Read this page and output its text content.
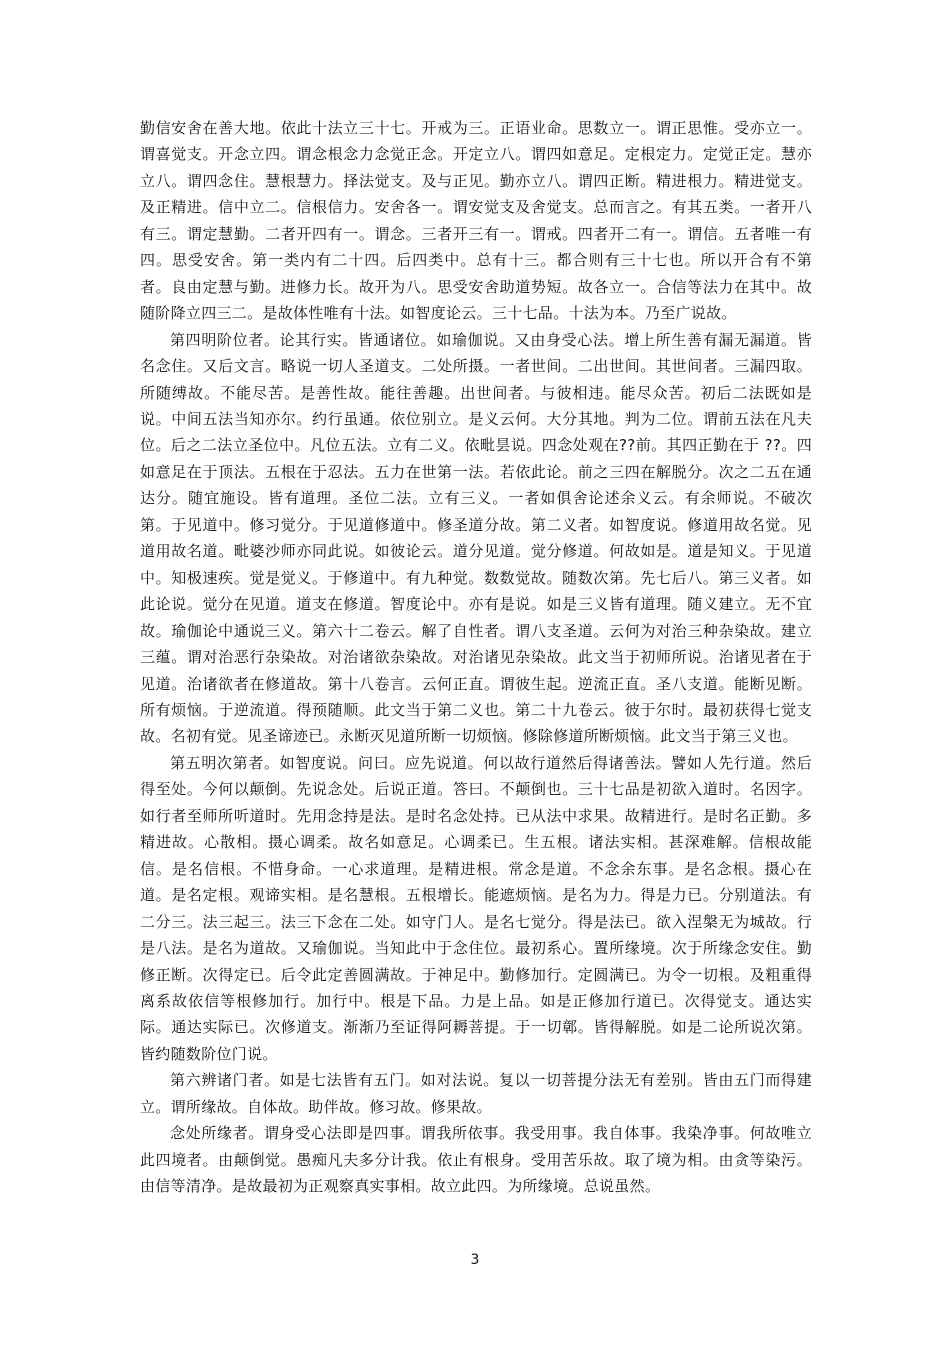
勤信安舍在善大地。依此十法立三十七。开戒为三。正语业命。思数立一。谓正思惟。受亦立一。谓喜觉支。开念立四。谓念根念力念觉正念。开定立八。谓四如意足。定根定力。定觉正定。慧亦立八。谓四念住。慧根慧力。择法觉支。及与正见。勤亦立八。谓四正断。精进根力。精进觉支。及正精进。信中立二。信根信力。安舍各一。谓安觉支及舍觉支。总而言之。有其五类。一者开八有三。谓定慧勤。二者开四有一。谓念。三者开三有一。谓戒。四者开二有一。谓信。五者唯一有四。思受安舍。第一类内有二十四。后四类中。总有十三。都合则有三十七也。所以开合有不第者。良由定慧与勤。进修力长。故开为八。思受安舍助道势短。故各立一。合信等法力在其中。故随阶降立四三二。是故体性唯有十法。如智度论云。三十七品。十法为本。乃至广说故。

第四明阶位者。论其行实。皆通诸位。如瑜伽说。又由身受心法。增上所生善有漏无漏道。皆名念住。又后文言。略说一切人圣道支。二处所摄。一者世间。二出世间。其世间者。三漏四取。所随缚故。不能尽苦。是善性故。能往善趣。出世间者。与彼相违。能尽众苦。初后二法既如是说。中间五法当知亦尔。约行虽通。依位别立。是义云何。大分其地。判为二位。谓前五法在凡夫位。后之二法立圣位中。凡位五法。立有二义。依毗昙说。四念处观在??前。其四正勤在于 ??。四如意足在于顶法。五根在于忍法。五力在世第一法。若依此论。前之三四在解脱分。次之二五在通达分。随宜施设。皆有道理。圣位二法。立有三义。一者如俱舍论述余义云。有余师说。不破次第。于见道中。修习觉分。于见道修道中。修圣道分故。第二义者。如智度说。修道用故名觉。见道用故名道。毗婆沙师亦同此说。如彼论云。道分见道。觉分修道。何故如是。道是知义。于见道中。知极速疾。觉是觉义。于修道中。有九种觉。数数觉故。随数次第。先七后八。第三义者。如此论说。觉分在见道。道支在修道。智度论中。亦有是说。如是三义皆有道理。随义建立。无不宜故。瑜伽论中通说三义。第六十二卷云。解了自性者。谓八支圣道。云何为对治三种杂染故。建立三蕴。谓对治恶行杂染故。对治诸欲杂染故。对治诸见杂染故。此文当于初师所说。治诸见者在于见道。治诸欲者在修道故。第十八卷言。云何正直。谓彼生起。逆流正直。圣八支道。能断见断。所有烦恼。于逆流道。得预随顺。此文当于第二义也。第二十九卷云。彼于尔时。最初获得七觉支故。名初有觉。见圣谛迹已。永断灭见道所断一切烦恼。修除修道所断烦恼。此文当于第三义也。

第五明次第者。如智度说。问曰。应先说道。何以故行道然后得诸善法。譬如人先行道。然后得至处。今何以颠倒。先说念处。后说正道。答曰。不颠倒也。三十七品是初欲入道时。名因字。如行者至师所听道时。先用念持是法。是时名念处持。已从法中求果。故精进行。是时名正勤。多精进故。心散相。摄心调柔。故名如意足。心调柔已。生五根。诸法实相。甚深难解。信根故能信。是名信根。不惜身命。一心求道理。是精进根。常念是道。不念余东事。是名念根。摄心在道。是名定根。观谛实相。是名慧根。五根增长。能遮烦恼。是名为力。得是力已。分别道法。有二分三。法三起三。法三下念在二处。如守门人。是名七觉分。得是法已。欲入涅槃无为城故。行是八法。是名为道故。又瑜伽说。当知此中于念住位。最初系心。置所缘境。次于所缘念安住。勤修正断。次得定已。后令此定善圆满故。于神足中。勤修加行。定圆满已。为令一切根。及粗重得离系故依信等根修加行。加行中。根是下品。力是上品。如是正修加行道已。次得觉支。通达实际。通达实际已。次修道支。渐渐乃至证得阿耨菩提。于一切鄣。皆得解脱。如是二论所说次第。皆约随数阶位门说。

第六辨诸门者。如是七法皆有五门。如对法说。复以一切菩提分法无有差别。皆由五门而得建立。谓所缘故。自体故。助伴故。修习故。修果故。

念处所缘者。谓身受心法即是四事。谓我所依事。我受用事。我自体事。我染净事。何故唯立此四境者。由颠倒觉。愚痴凡夫多分计我。依止有根身。受用苦乐故。取了境为相。由贪等染污。由信等清净。是故最初为正观察真实事相。故立此四。为所缘境。总说虽然。

3
